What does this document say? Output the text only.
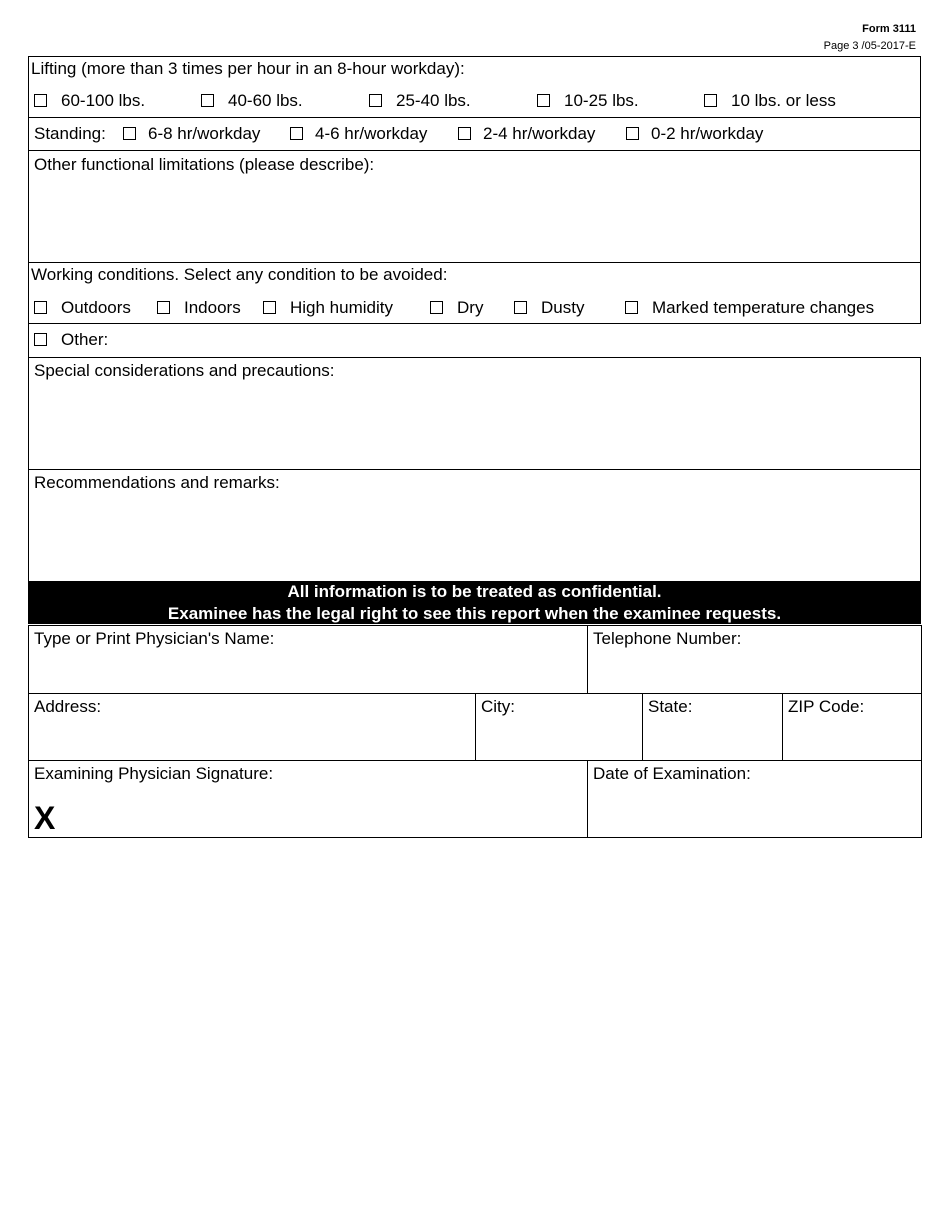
Form 3111
Page 3 /05-2017-E
Lifting (more than 3 times per hour in an 8-hour workday):
60-100 lbs.	40-60 lbs.	25-40 lbs.	10-25 lbs.	10 lbs. or less
Standing:	6-8 hr/workday	4-6 hr/workday	2-4 hr/workday	0-2 hr/workday
Other functional limitations (please describe):
Working conditions. Select any condition to be avoided:
Outdoors	Indoors	High humidity	Dry	Dusty	Marked temperature changes
Other:
Special considerations and precautions:
Recommendations and remarks:
All information is to be treated as confidential.
Examinee has the legal right to see this report when the examinee requests.
Type or Print Physician's Name:	Telephone Number:
Address:	City:	State:	ZIP Code:
Examining Physician Signature:
X
Date of Examination:
